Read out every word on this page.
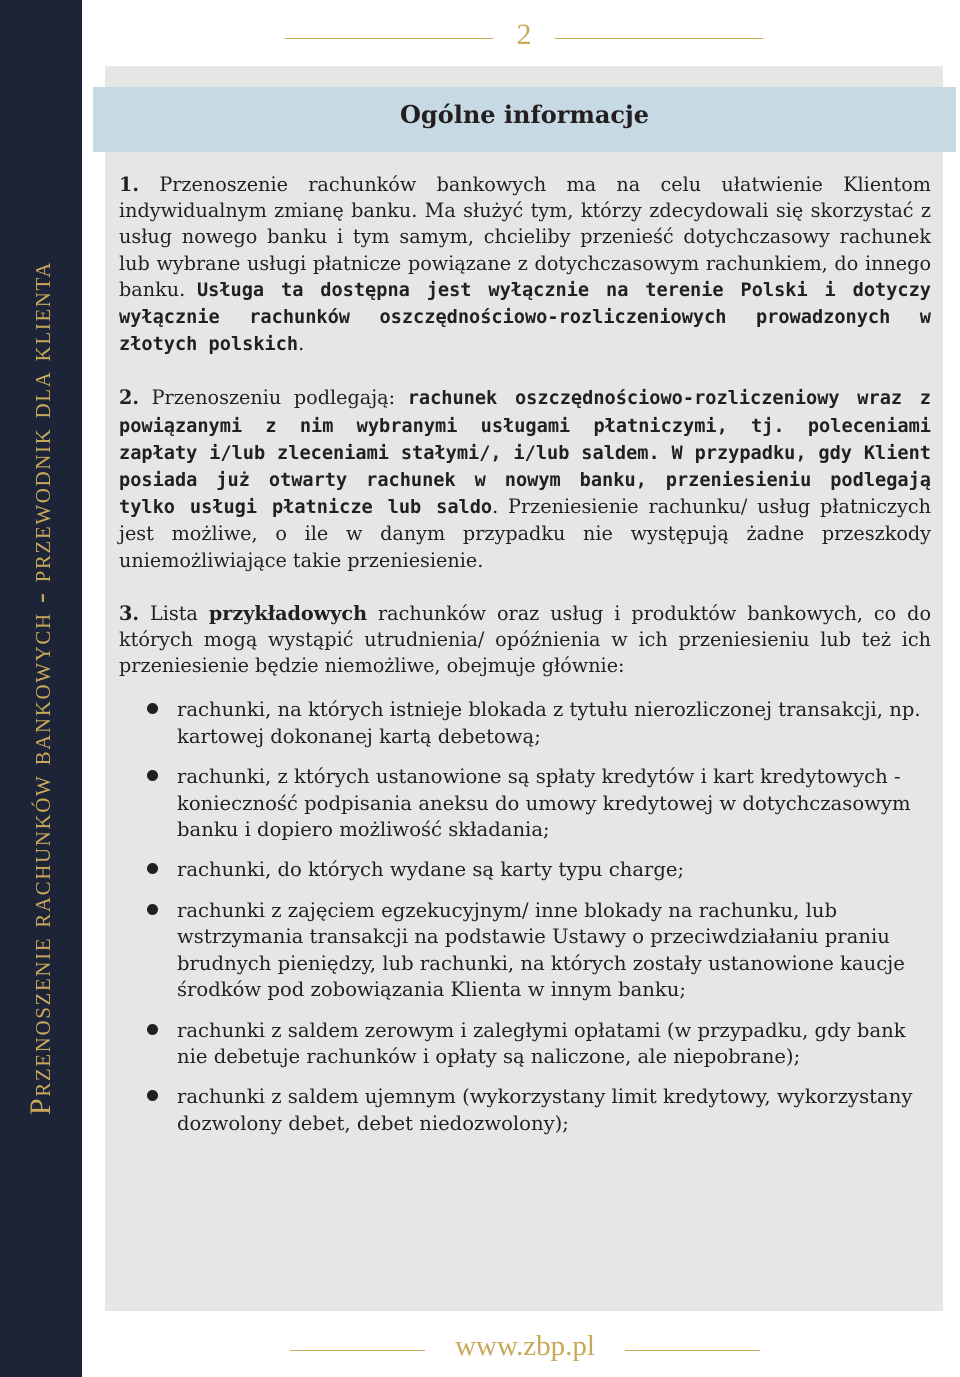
Przenoszenie rachunków bankowych - przewodnik dla klienta
2
Ogólne informacje

1. Przenoszenie rachunków bankowych ma na celu ułatwienie Klientom indywidualnym zmianę banku. Ma służyć tym, którzy zdecydowali się skorzystać z usług nowego banku i tym samym, chcieliby przenieść dotychczasowy rachunek lub wybrane usługi płatnicze powiązane z dotychczasowym rachunkiem, do innego banku. Usługa ta dostępna jest wyłącznie na terenie Polski i dotyczy wyłącznie rachunków oszczędnościowo-rozliczeniowych prowadzonych w złotych polskich.

2. Przenoszeniu podlegają: rachunek oszczędnościowo-rozliczeniowy wraz z powiązanymi z nim wybranymi usługami płatniczymi, tj. poleceniami zapłaty i/lub zleceniami stałymi/, i/lub saldem. W przypadku, gdy Klient posiada już otwarty rachunek w nowym banku, przeniesieniu podlegają tylko usługi płatnicze lub saldo. Przeniesienie rachunku/ usług płatniczych jest możliwe, o ile w danym przypadku nie występują żadne przeszkody uniemożliwiające takie przeniesienie.

3. Lista przykładowych rachunków oraz usług i produktów bankowych, co do których mogą wystąpić utrudnienia/ opóźnienia w ich przeniesieniu lub też ich przeniesienie będzie niemożliwe, obejmuje głównie:

rachunki, na których istnieje blokada z tytułu nierozliczonej transakcji, np. kartowej dokonanej kartą debetową;
rachunki, z których ustanowione są spłaty kredytów i kart kredytowych - konieczność podpisania aneksu do umowy kredytowej w dotychczasowym banku i dopiero możliwość składania;
rachunki, do których wydane są karty typu charge;
rachunki z zajęciem egzekucyjnym/ inne blokady na rachunku, lub wstrzymania transakcji na podstawie Ustawy o przeciwdziałaniu praniu brudnych pieniędzy, lub rachunki, na których zostały ustanowione kaucje środków pod zobowiązania Klienta w innym banku;
rachunki z saldem zerowym i zaległymi opłatami (w przypadku, gdy bank nie debetuje rachunków i opłaty są naliczone, ale niepobrane);
rachunki z saldem ujemnym (wykorzystany limit kredytowy, wykorzystany dozwolony debet, debet niedozwolony);
www.zbp.pl
